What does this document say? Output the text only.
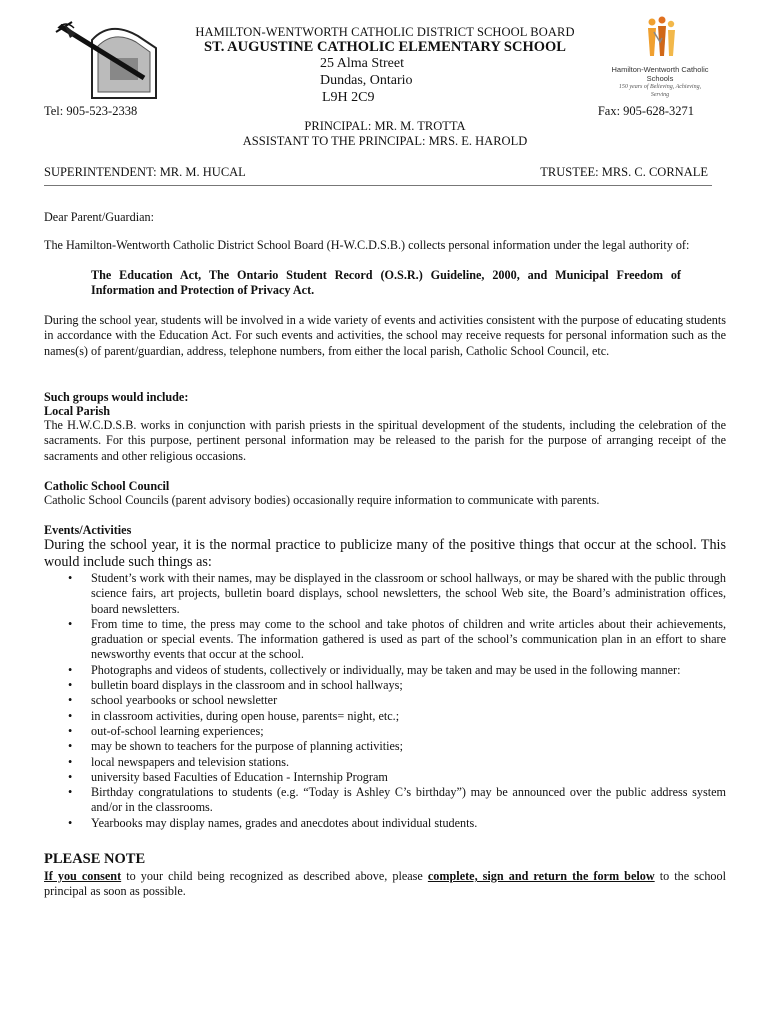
Hamilton-Wentworth Catholic Schools
150 years of Believing, Achieving, Serving
HAMILTON-WENTWORTH CATHOLIC DISTRICT SCHOOL BOARD
ST. AUGUSTINE CATHOLIC ELEMENTARY SCHOOL
25 Alma Street
Dundas, Ontario
L9H 2C9
Tel: 905-523-2338	Fax: 905-628-3271
PRINCIPAL: MR. M. TROTTA
ASSISTANT TO THE PRINCIPAL: MRS. E. HAROLD
SUPERINTENDENT: MR. M. HUCAL	TRUSTEE: MRS. C. CORNALE
Dear Parent/Guardian:
The Hamilton-Wentworth Catholic District School Board (H-W.C.D.S.B.) collects personal information under the legal authority of:
The Education Act, The Ontario Student Record (O.S.R.) Guideline, 2000, and Municipal Freedom of Information and Protection of Privacy Act.
During the school year, students will be involved in a wide variety of events and activities consistent with the purpose of educating students in accordance with the Education Act. For such events and activities, the school may receive requests for personal information such as the names(s) of parent/guardian, address, telephone numbers, from either the local parish, Catholic School Council, etc.
Such groups would include:
Local Parish
The H.W.C.D.S.B. works in conjunction with parish priests in the spiritual development of the students, including the celebration of the sacraments. For this purpose, pertinent personal information may be released to the parish for the purpose of arranging receipt of the sacraments and other religious occasions.
Catholic School Council
Catholic School Councils (parent advisory bodies) occasionally require information to communicate with parents.
Events/Activities
During the school year, it is the normal practice to publicize many of the positive things that occur at the school. This would include such things as:
• Student’s work with their names, may be displayed in the classroom or school hallways, or may be shared with the public through science fairs, art projects, bulletin board displays, school newsletters, the school Web site, the Board’s administration offices, board newsletters.
• From time to time, the press may come to the school and take photos of children and write articles about their achievements, graduation or special events. The information gathered is used as part of the school’s communication plan in an effort to share newsworthy events that occur at the school.
• Photographs and videos of students, collectively or individually, may be taken and may be used in the following manner:
• bulletin board displays in the classroom and in school hallways;
• school yearbooks or school newsletter
• in classroom activities, during open house, parents= night, etc.;
• out-of-school learning experiences;
• may be shown to teachers for the purpose of planning activities;
• local newspapers and television stations.
• university based Faculties of Education - Internship Program
• Birthday congratulations to students (e.g. “Today is Ashley C’s birthday”) may be announced over the public address system and/or in the classrooms.
• Yearbooks may display names, grades and anecdotes about individual students.
PLEASE NOTE
If you consent to your child being recognized as described above, please complete, sign and return the form below to the school principal as soon as possible.
